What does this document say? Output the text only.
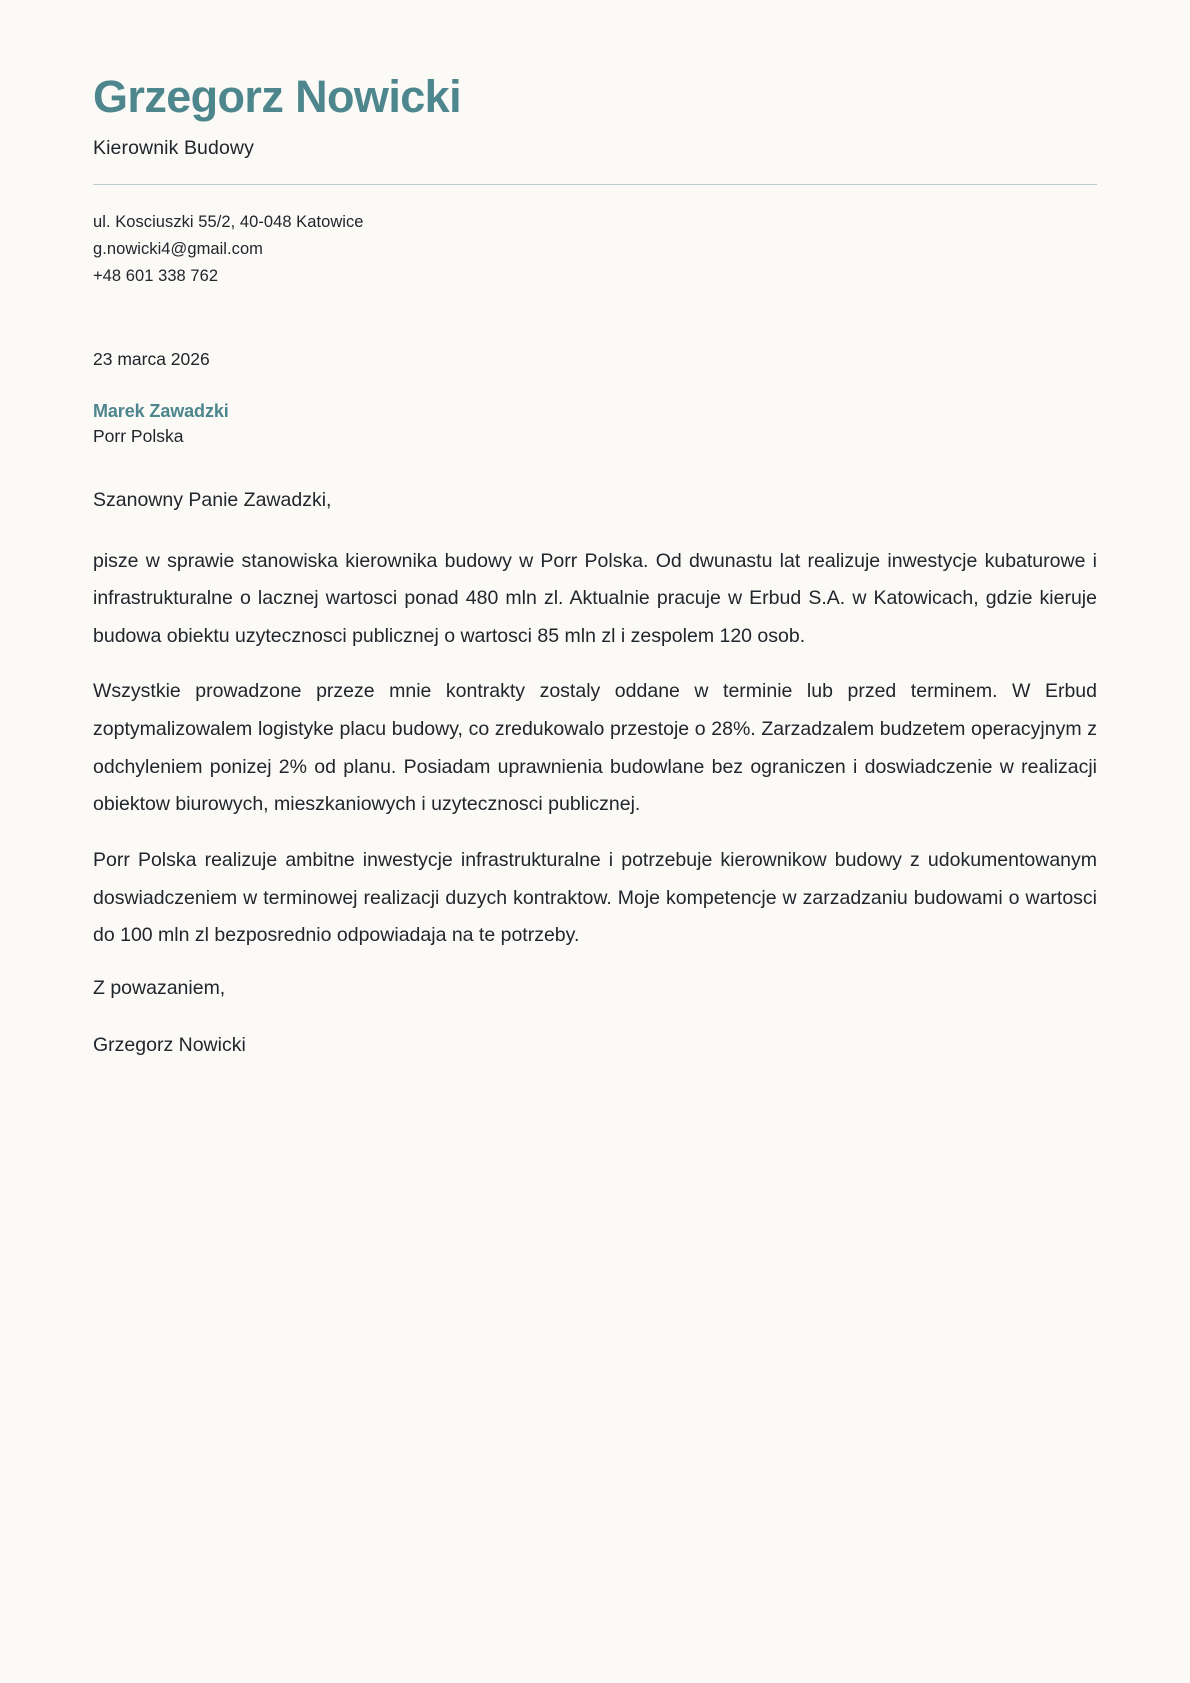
Grzegorz Nowicki
Kierownik Budowy
ul. Kosciuszki 55/2, 40-048 Katowice
g.nowicki4@gmail.com
+48 601 338 762
23 marca 2026
Marek Zawadzki
Porr Polska
Szanowny Panie Zawadzki,

pisze w sprawie stanowiska kierownika budowy w Porr Polska. Od dwunastu lat realizuje inwestycje kubaturowe i infrastrukturalne o lacznej wartosci ponad 480 mln zl. Aktualnie pracuje w Erbud S.A. w Katowicach, gdzie kieruje budowa obiektu uzytecznosci publicznej o wartosci 85 mln zl i zespolem 120 osob.

Wszystkie prowadzone przeze mnie kontrakty zostaly oddane w terminie lub przed terminem. W Erbud zoptymalizowalem logistyke placu budowy, co zredukowalo przestoje o 28%. Zarzadzalem budzetem operacyjnym z odchyleniem ponizej 2% od planu. Posiadam uprawnienia budowlane bez ograniczen i doswiadczenie w realizacji obiektow biurowych, mieszkaniowych i uzytecznosci publicznej.

Porr Polska realizuje ambitne inwestycje infrastrukturalne i potrzebuje kierownikow budowy z udokumentowanym doswiadczeniem w terminowej realizacji duzych kontraktow. Moje kompetencje w zarzadzaniu budowami o wartosci do 100 mln zl bezposrednio odpowiadaja na te potrzeby.

Z powazaniem,
Grzegorz Nowicki
